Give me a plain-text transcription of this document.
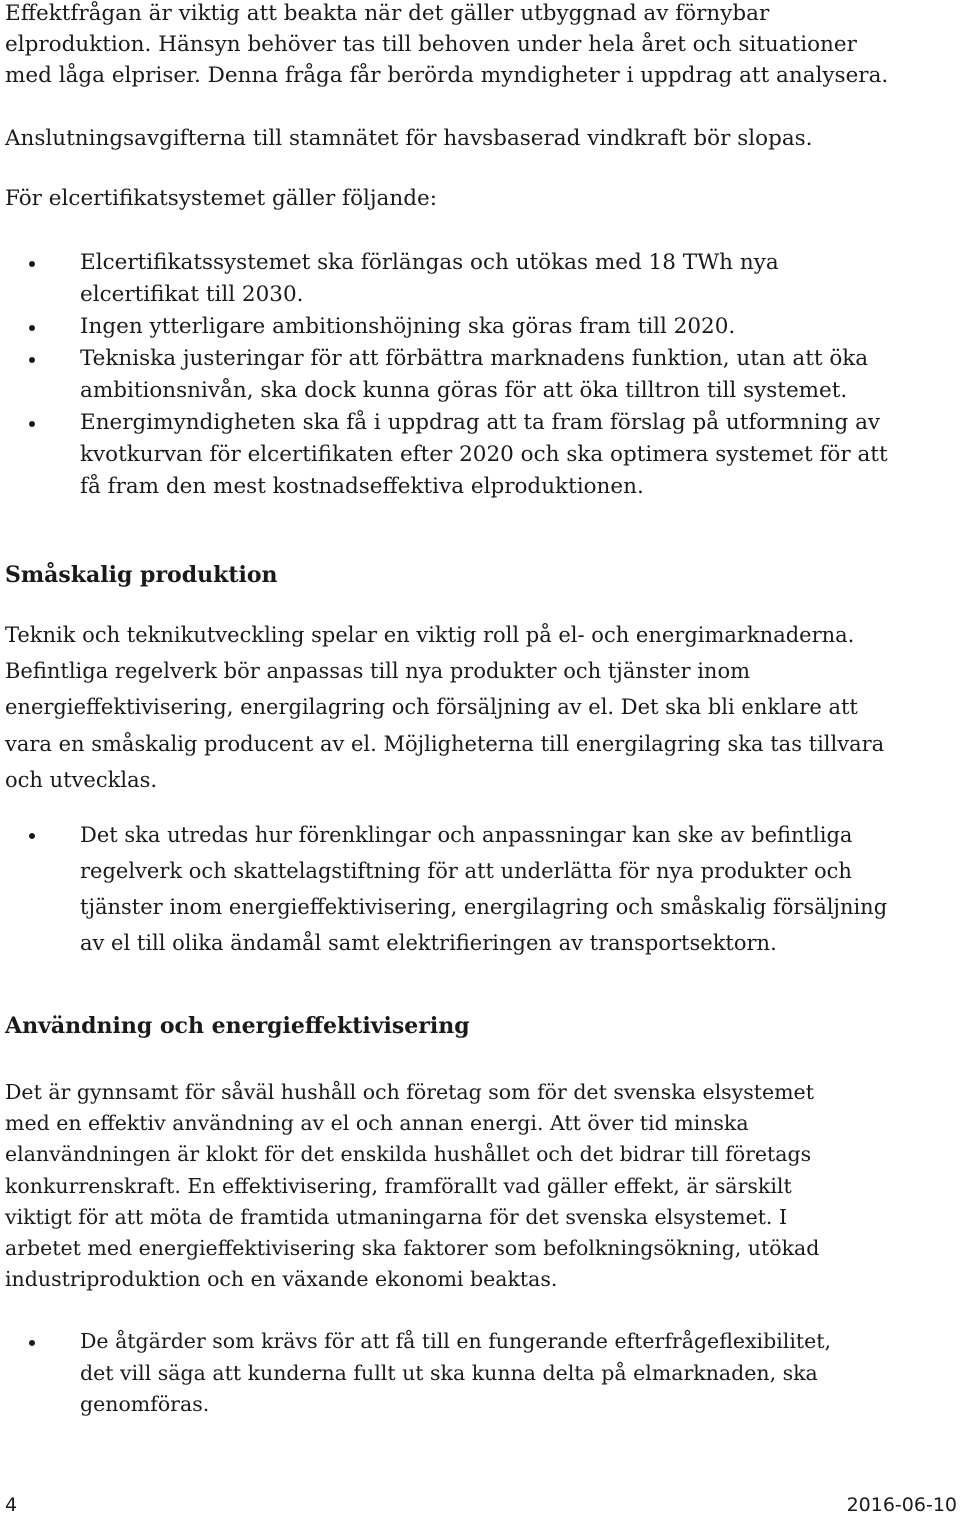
Effektfrågan är viktig att beakta när det gäller utbyggnad av förnybar
elproduktion. Hänsyn behöver tas till behoven under hela året och situationer
med låga elpriser. Denna fråga får berörda myndigheter i uppdrag att analysera.

Anslutningsavgifterna till stamnätet för havsbaserad vindkraft bör slopas.

För elcertifikatsystemet gäller följande:

Elcertifikatssystemet ska förlängas och utökas med 18 TWh nya
elcertifikat till 2030.
Ingen ytterligare ambitionshöjning ska göras fram till 2020.
Tekniska justeringar för att förbättra marknadens funktion, utan att öka
ambitionsnivån, ska dock kunna göras för att öka tilltron till systemet.
Energimyndigheten ska få i uppdrag att ta fram förslag på utformning av
kvotkurvan för elcertifikaten efter 2020 och ska optimera systemet för att
få fram den mest kostnadseffektiva elproduktionen.
Småskalig produktion
Teknik och teknikutveckling spelar en viktig roll på el- och energimarknaderna.
Befintliga regelverk bör anpassas till nya produkter och tjänster inom
energieffektivisering, energilagring och försäljning av el. Det ska bli enklare att
vara en småskalig producent av el. Möjligheterna till energilagring ska tas tillvara
och utvecklas.
Det ska utredas hur förenklingar och anpassningar kan ske av befintliga
regelverk och skattelagstiftning för att underlätta för nya produkter och
tjänster inom energieffektivisering, energilagring och småskalig försäljning
av el till olika ändamål samt elektrifieringen av transportsektorn.
Användning och energieffektivisering
Det är gynnsamt för såväl hushåll och företag som för det svenska elsystemet
med en effektiv användning av el och annan energi. Att över tid minska
elanvändningen är klokt för det enskilda hushållet och det bidrar till företags
konkurrenskraft. En effektivisering, framförallt vad gäller effekt, är särskilt
viktigt för att möta de framtida utmaningarna för det svenska elsystemet. I
arbetet med energieffektivisering ska faktorer som befolkningsökning, utökad
industriproduktion och en växande ekonomi beaktas.
De åtgärder som krävs för att få till en fungerande efterfrågeflexibilitet,
det vill säga att kunderna fullt ut ska kunna delta på elmarknaden, ska
genomföras.
4	2016-06-10
